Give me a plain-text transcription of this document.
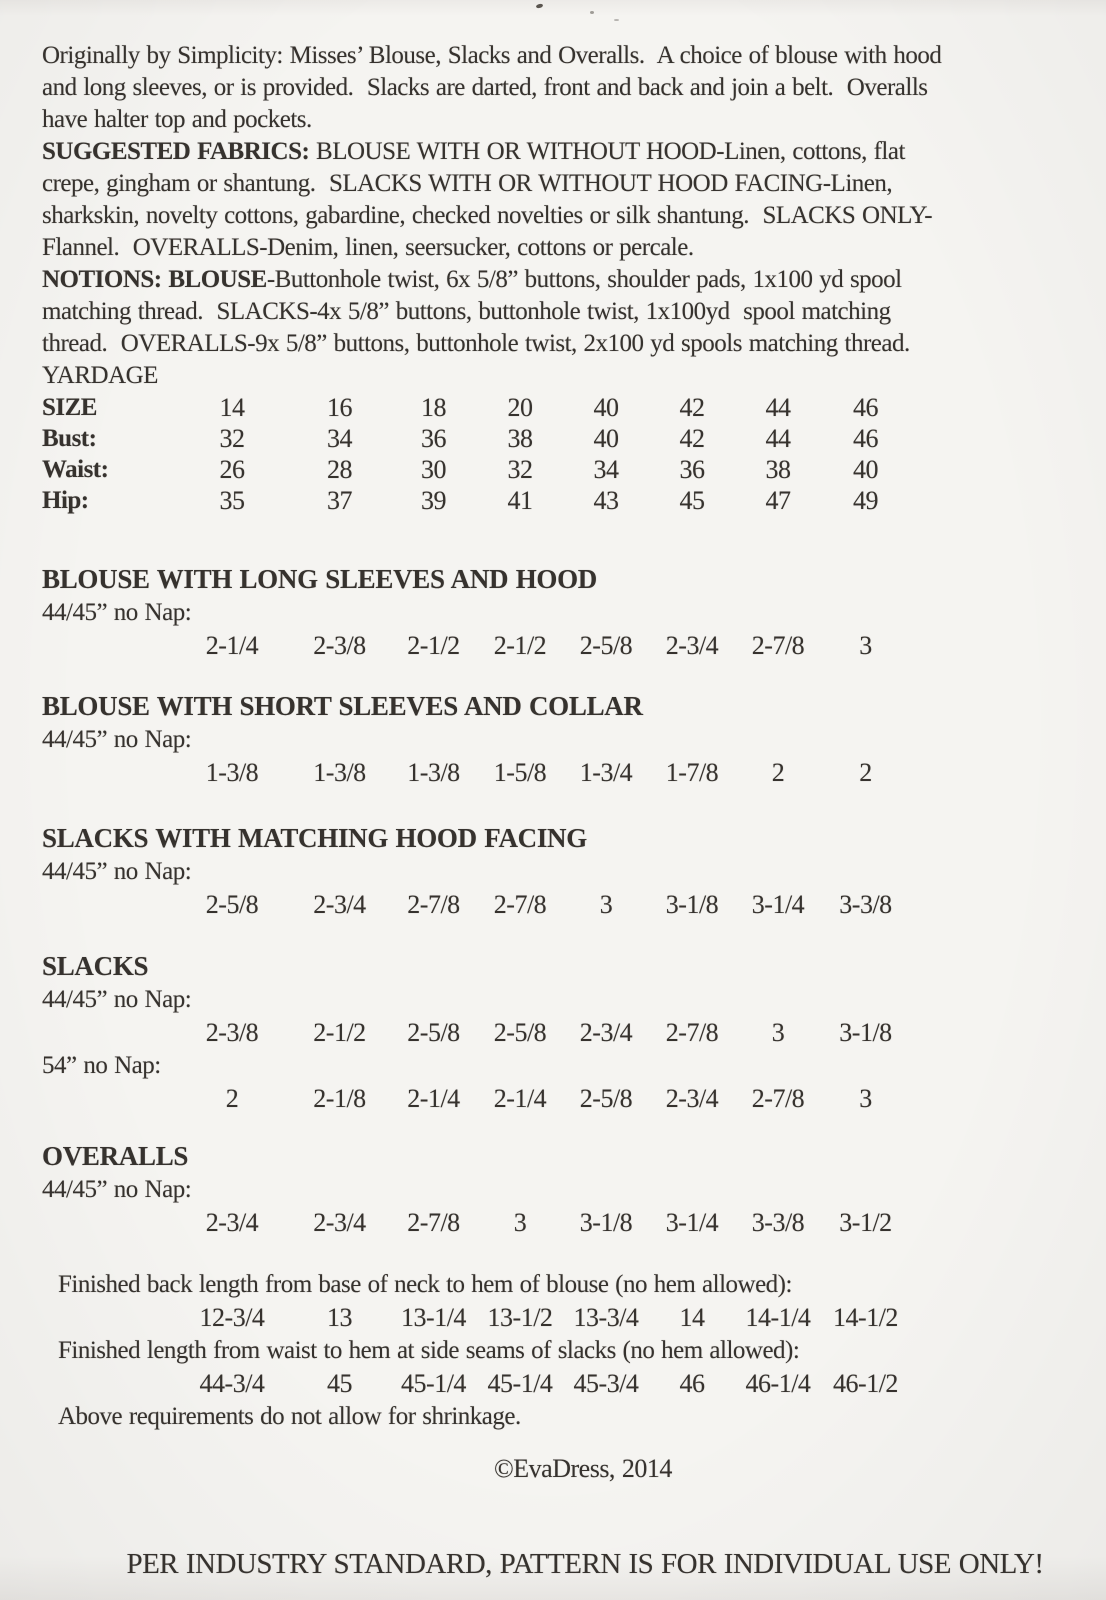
Originally by Simplicity: Misses’ Blouse, Slacks and Overalls.  A choice of blouse with hood
and long sleeves, or is provided.  Slacks are darted, front and back and join a belt.  Overalls
have halter top and pockets.
SUGGESTED FABRICS: BLOUSE WITH OR WITHOUT HOOD-Linen, cottons, flat
crepe, gingham or shantung.  SLACKS WITH OR WITHOUT HOOD FACING-Linen,
sharkskin, novelty cottons, gabardine, checked novelties or silk shantung.  SLACKS ONLY-
Flannel.  OVERALLS-Denim, linen, seersucker, cottons or percale.
NOTIONS: BLOUSE-Buttonhole twist, 6x 5/8” buttons, shoulder pads, 1x100 yd spool
matching thread.  SLACKS-4x 5/8” buttons, buttonhole twist, 1x100yd  spool matching
thread.  OVERALLS-9x 5/8” buttons, buttonhole twist, 2x100 yd spools matching thread.
YARDAGE
SIZE	14	16	18	20	40	42	44	46
Bust:	32	34	36	38	40	42	44	46
Waist:	26	28	30	32	34	36	38	40
Hip:	35	37	39	41	43	45	47	49
BLOUSE WITH LONG SLEEVES AND HOOD
44/45” no Nap:
2-1/4	2-3/8	2-1/2	2-1/2	2-5/8	2-3/4	2-7/8	3
BLOUSE WITH SHORT SLEEVES AND COLLAR
44/45” no Nap:
1-3/8	1-3/8	1-3/8	1-5/8	1-3/4	1-7/8	2	2
SLACKS WITH MATCHING HOOD FACING
44/45” no Nap:
2-5/8	2-3/4	2-7/8	2-7/8	3	3-1/8	3-1/4	3-3/8
SLACKS
44/45” no Nap:
2-3/8	2-1/2	2-5/8	2-5/8	2-3/4	2-7/8	3	3-1/8
54” no Nap:
2	2-1/8	2-1/4	2-1/4	2-5/8	2-3/4	2-7/8	3
OVERALLS
44/45” no Nap:
2-3/4	2-3/4	2-7/8	3	3-1/8	3-1/4	3-3/8	3-1/2
Finished back length from base of neck to hem of blouse (no hem allowed):
12-3/4	13	13-1/4 13-1/2 13-3/4	14	14-1/4 14-1/2
Finished length from waist to hem at side seams of slacks (no hem allowed):
44-3/4	45	45-1/4 45-1/4 45-3/4	46	46-1/4 46-1/2
Above requirements do not allow for shrinkage.
©EvaDress, 2014
PER INDUSTRY STANDARD, PATTERN IS FOR INDIVIDUAL USE ONLY!
